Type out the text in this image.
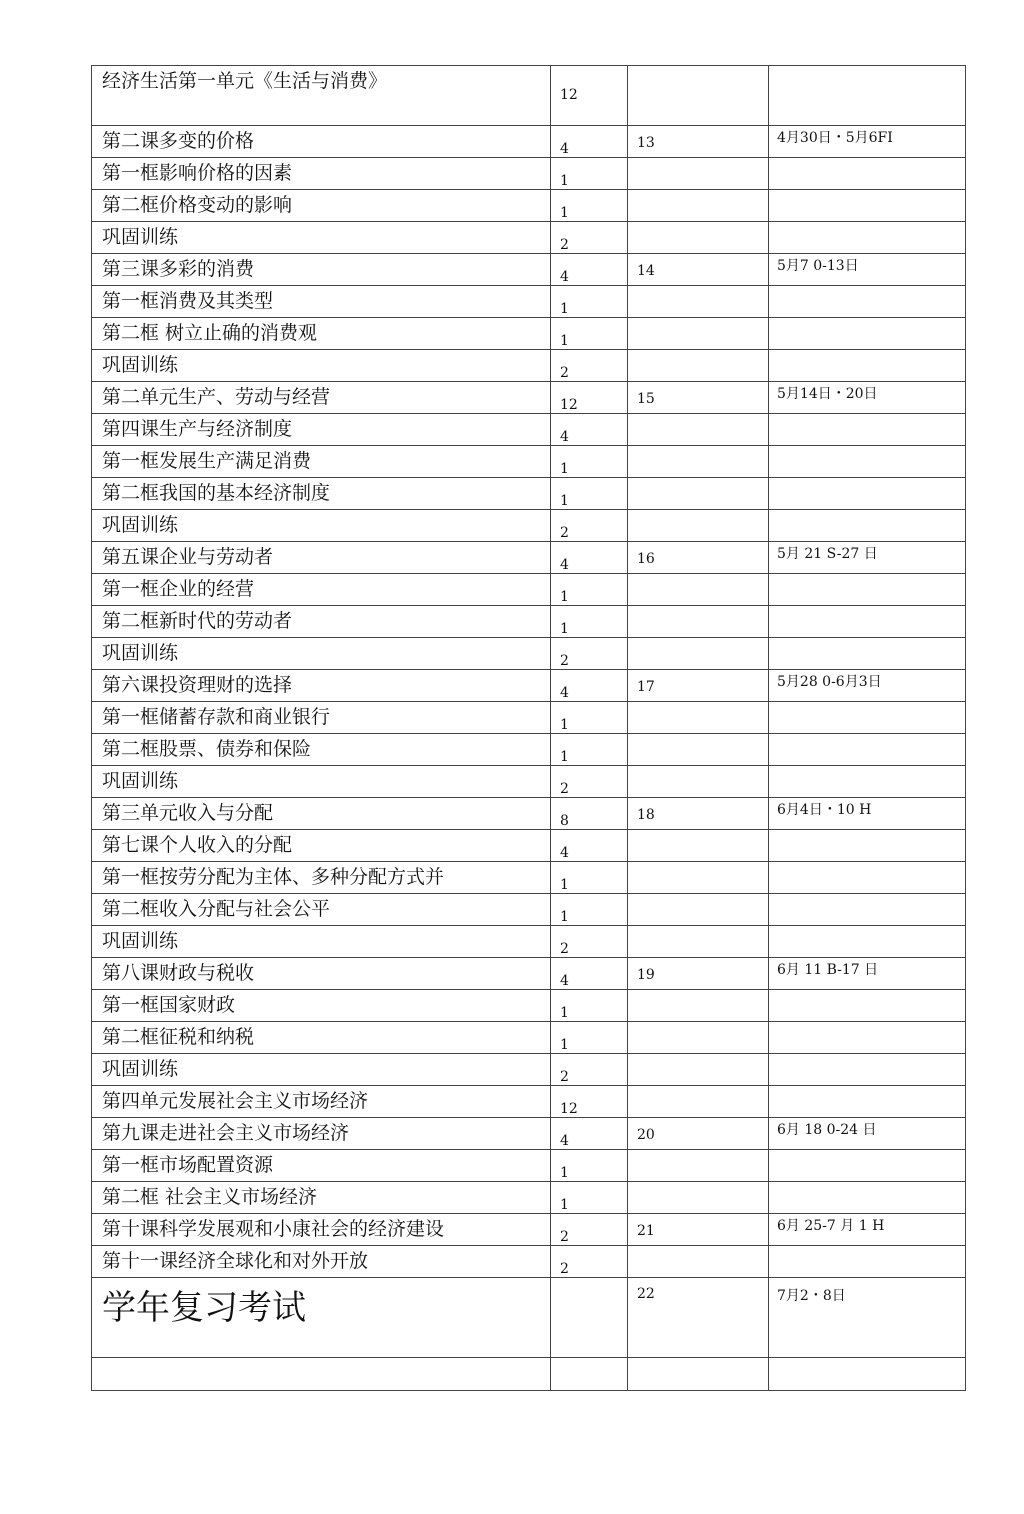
经济生活第一单元《生活与消费》	12		

第二课多变的价格	4	13	4月30日・5月6FI

第一框影响价格的因素	1		

第二框价格变动的影响	1		

巩固训练	2		

第三课多彩的消费	4	14	5月7 0-13日

第一框消费及其类型	1		

第二框 树立止确的消费观	1		

巩固训练	2		

第二单元生产、劳动与经营	12	15	5月14日・20日

第四课生产与经济制度	4		

第一框发展生产满足消费	1		

第二框我国的基本经济制度	1		

巩固训练	2		

第五课企业与劳动者	4	16	5月 21 S-27 日

第一框企业的经营	1		

第二框新时代的劳动者	1		

巩固训练	2		

第六课投资理财的选择	4	17	5月28 0-6月3日

第一框储蓄存款和商业银行	1		

第二框股票、债券和保险	1		

巩固训练	2		

第三单元收入与分配	8	18	6月4日・10 H

第七课个人收入的分配	4		

第一框按劳分配为主体、多种分配方式并	1		

第二框收入分配与社会公平	1		

巩固训练	2		

第八课财政与税收	4	19	6月 11 B-17 日

第一框国家财政	1		

第二框征税和纳税	1		

巩固训练	2		

第四单元发展社会主义市场经济	12		

第九课走进社会主义市场经济	4	20	6月 18 0-24 日

第一框市场配置资源	1		

第二框 社会主义市场经济	1		

第十课科学发展观和小康社会的经济建设	2	21	6月 25-7 月 1 H

第十一课经济全球化和对外开放	2		

学年复习考试		22	7月2・8日
